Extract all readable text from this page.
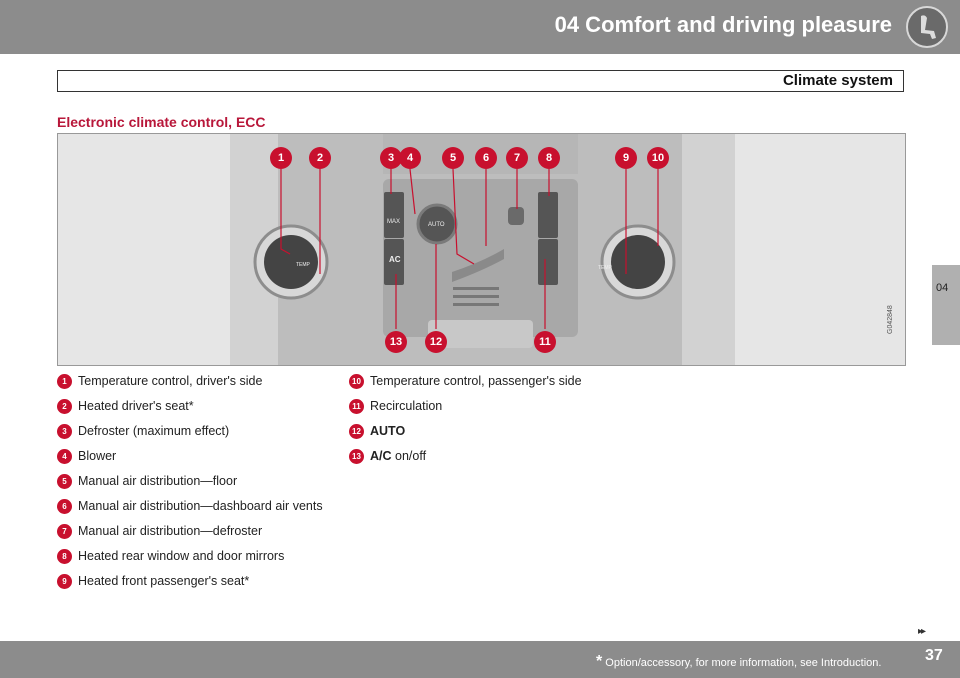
04 Comfort and driving pleasure
Climate system
Electronic climate control, ECC
MAX
AC
AUTO
TEMP	TEMP
G042848
1	2	3	4	5	6	7	8	9	10
13	12	11
04
1 Temperature control, driver's side
2 Heated driver's seat*
3 Defroster (maximum effect)
4 Blower
5 Manual air distribution—floor
6 Manual air distribution—dashboard air vents
7 Manual air distribution—defroster
8 Heated rear window and door mirrors
9 Heated front passenger's seat*
10 Temperature control, passenger's side
11 Recirculation
12 AUTO
13 A/C on/off
▸▸
* Option/accessory, for more information, see Introduction.	37
